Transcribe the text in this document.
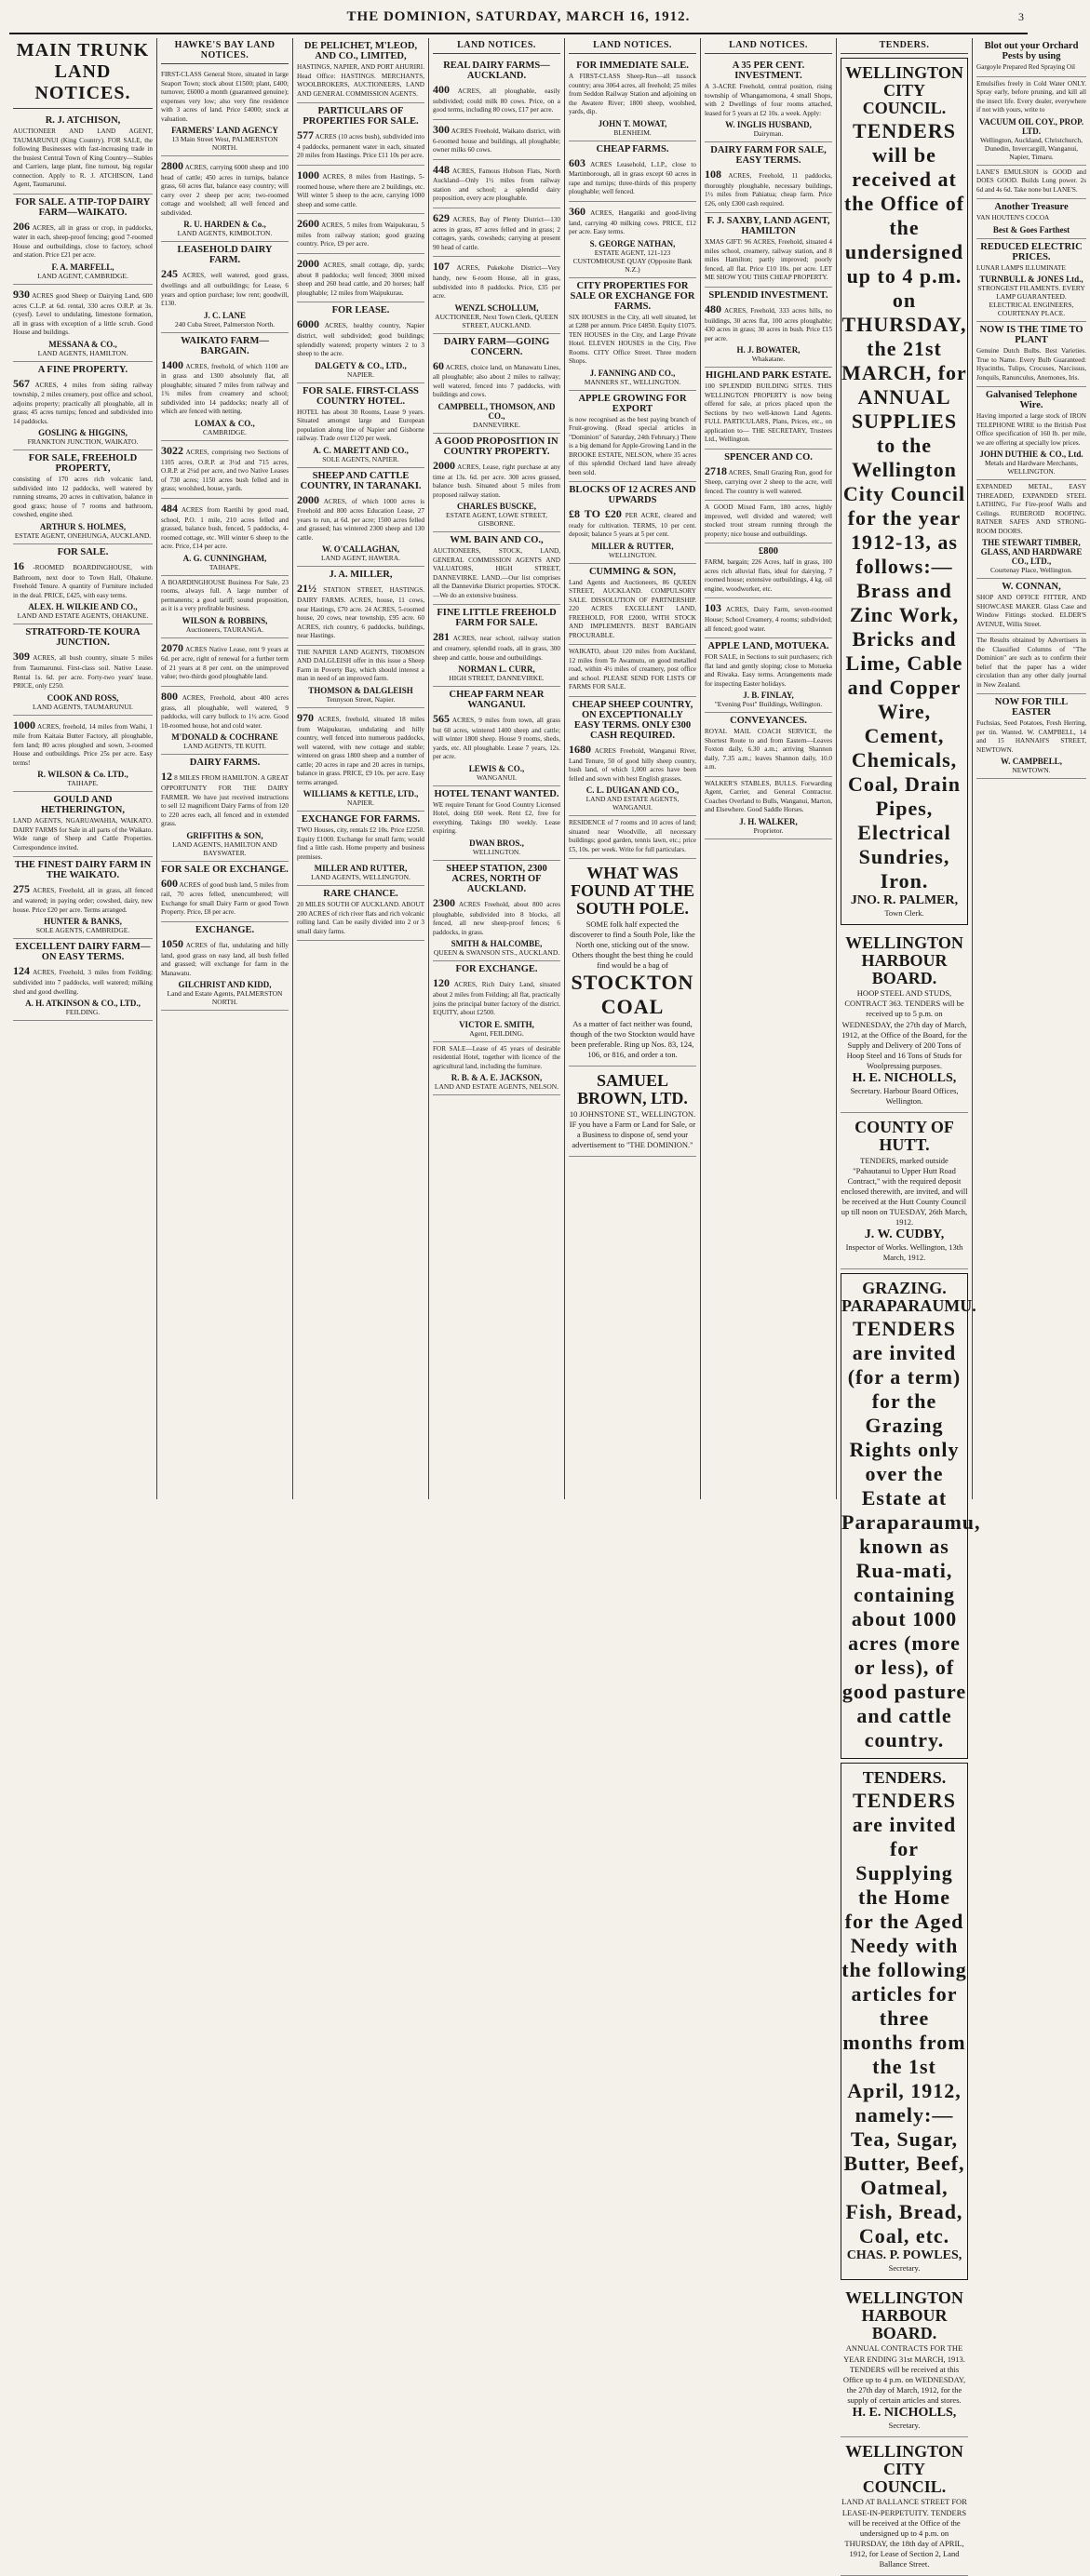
THE DOMINION, SATURDAY, MARCH 16, 1912.	3
MAIN TRUNK LAND NOTICES.
R. J. ATCHISON,

AUCTIONEER AND LAND AGENT, TAUMARUNUI (King Country). FOR SALE, the following Businesses with fast-increasing trade in the busiest Central Town of King Country—Stables and Carriers, large plant, fine turnout, big regular connection. Apply to R. J. ATCHISON, Land Agent, Taumarunui.

FOR SALE. A TIP-TOP DAIRY FARM—WAIKATO.

206 ACRES, all in grass or crop, in paddocks, water in each, sheep-proof fencing; good 7-roomed House and outbuildings, close to factory, school and station. Price £21 per acre.

F. A. MARFELL,
LAND AGENT, CAMBRIDGE.

930 ACRES good Sheep or Dairying Land, 600 acres C.L.P. at 6d. rental, 330 acres O.R.P. at 3s. (cyesf). Level to undulating, limestone formation, all in grass with exception of a little scrub. Good House and buildings.

MESSANA & CO.,
LAND AGENTS, HAMILTON.
A FINE PROPERTY.

567 ACRES, 4 miles from siding railway township, 2 miles creamery, post office and school, adjoins property; practically all ploughable, all in grass; 45 acres turnips; fenced and subdivided into 14 paddocks.

GOSLING & HIGGINS,
FRANKTON JUNCTION, WAIKATO.
FOR SALE, FREEHOLD PROPERTY,

consisting of 170 acres rich volcanic land, subdivided into 12 paddocks, well watered by running streams, 20 acres in cultivation, balance in good grass; house of 7 rooms and bathroom, cowshed, engine shed.

ARTHUR S. HOLMES,
ESTATE AGENT, ONEHUNGA, AUCKLAND.
FOR SALE.

16 -ROOMED BOARDINGHOUSE, with Bathroom, next door to Town Hall, Ohakune. Freehold Tenure. A quantity of Furniture included in the deal. PRICE, £425, with easy terms.

ALEX. H. WILKIE AND CO.,
LAND AND ESTATE AGENTS, OHAKUNE.
STRATFORD-TE KOURA JUNCTION.

309 ACRES, all bush country, situate 5 miles from Taumarunui. First-class soil. Native Lease. Rental 1s. 6d. per acre. Forty-two years' lease. PRICE, only £250.

COOK AND ROSS,
LAND AGENTS, TAUMARUNUI.

1000 ACRES, freehold, 14 miles from Waihi, 1 mile from Kaitaia Butter Factory, all ploughable, fern land; 80 acres ploughed and sown, 3-roomed House and outbuildings. Price 25s per acre. Easy terms!

R. WILSON & Co. LTD.,
TAIHAPE.
GOULD AND HETHERINGTON,

LAND AGENTS, NGARUAWAHIA, WAIKATO. DAIRY FARMS for Sale in all parts of the Waikato. Wide range of Sheep and Cattle Properties. Correspondence invited.

THE FINEST DAIRY FARM IN THE WAIKATO.

275 ACRES, Freehold, all in grass, all fenced and watered; in paying order; cowshed, dairy, new house. Price £20 per acre. Terms arranged.

HUNTER & BANKS,
SOLE AGENTS, CAMBRIDGE.
EXCELLENT DAIRY FARM—ON EASY TERMS.

124 ACRES, Freehold, 3 miles from Feilding; subdivided into 7 paddocks, well watered; milking shed and good dwelling.

A. H. ATKINSON & CO., LTD.,
FEILDING.
HAWKE'S BAY LAND NOTICES.

FIRST-CLASS General Store, situated in large Seaport Town; stock about £1500; plant, £400; turnover, £6000 a month (guaranteed genuine); expenses very low; also very fine residence with 3 acres of land. Price £4000; stock at valuation.

FARMERS' LAND AGENCY
13 Main Street West, PALMERSTON NORTH.

2800 ACRES, carrying 6000 sheep and 100 head of cattle; 450 acres in turnips, balance grass, 60 acres flat, balance easy country; will carry over 2 sheep per acre; two-roomed cottage and woolshed; all well fenced and subdivided.

R. U. HARDEN & Co.,
LAND AGENTS, KIMBOLTON.
LEASEHOLD DAIRY FARM.

245 ACRES, well watered, good grass, dwellings and all outbuildings; for Lease, 6 years and option purchase; low rent; goodwill, £130.

J. C. LANE
240 Cuba Street, Palmerston North.
WAIKATO FARM—BARGAIN.

1400 ACRES, freehold, of which 1100 are in grass and 1300 absolutely flat, all ploughable; situated 7 miles from railway and 1¾ miles from creamery and school; subdivided into 14 paddocks; nearly all of which are fenced with netting.

LOMAX & CO.,
CAMBRIDGE.

3022 ACRES, comprising two Sections of 1105 acres, O.R.P. at 3½d and 715 acres, O.R.P. at 2¼d per acre, and two Native Leases of 730 acres; 1150 acres bush felled and in grass; woolshed, house, yards.

484 ACRES from Raetihi by good road, school, P.O. 1 mile, 210 acres felled and grassed, balance bush, fenced, 5 paddocks, 4-roomed cottage, etc. Will winter 6 sheep to the acre. Price, £14 per acre.

A. G. CUNNINGHAM,
TAIHAPE.

A BOARDINGHOUSE Business For Sale, 23 rooms, always full. A large number of permanents; a good tariff; sound proposition, as it is a very profitable business.

WILSON & ROBBINS,
Auctioneers, TAURANGA.

2070 ACRES Native Lease, rent 9 years at 6d. per acre, right of renewal for a further term of 21 years at 8 per cent. on the unimproved value; two-thirds good ploughable land.

800 ACRES, Freehold, about 400 acres grass, all ploughable, well watered, 9 paddocks, will carry bullock to 1½ acre. Good 10-roomed house, hot and cold water.

M'DONALD & COCHRANE
LAND AGENTS, TE KUITI.
DAIRY FARMS.

12 8 MILES FROM HAMILTON. A GREAT OPPORTUNITY FOR THE DAIRY FARMER. We have just received instructions to sell 12 magnificent Dairy Farms of from 120 to 220 acres each, all fenced and in extended grass.

GRIFFITHS & SON,
LAND AGENTS, HAMILTON AND BAYSWATER.
FOR SALE OR EXCHANGE.

600 ACRES of good bush land, 5 miles from rail, 70 acres felled, unencumbered; will Exchange for small Dairy Farm or good Town Property. Price, £8 per acre.

EXCHANGE.

1050 ACRES of flat, undulating and hilly land, good grass on easy land, all bush felled and grassed; will exchange for farm in the Manawatu.

GILCHRIST AND KIDD,
Land and Estate Agents, PALMERSTON NORTH.
DE PELICHET, M'LEOD, AND CO., LIMITED,

HASTINGS, NAPIER, AND PORT AHURIRI. Head Office: HASTINGS. MERCHANTS, WOOLBROKERS, AUCTIONEERS, LAND AND GENERAL COMMISSION AGENTS.

PARTICULARS OF PROPERTIES FOR SALE.

577 ACRES (10 acres bush), subdivided into 4 paddocks, permanent water in each, situated 20 miles from Hastings. Price £11 10s per acre.

1000 ACRES, 8 miles from Hastings, 5-roomed house, where there are 2 buildings, etc. Will winter 5 sheep to the acre, carrying 1000 sheep and some cattle.

2600 ACRES, 5 miles from Waipukurau, 5 miles from railway station; good grazing country. Price, £9 per acre.

2000 ACRES, small cottage, dip, yards; about 8 paddocks; well fenced; 3000 mixed sheep and 260 head cattle, and 20 horses; half ploughable; 12 miles from Waipukurau.

FOR LEASE.

6000 ACRES, healthy country, Napier district, well subdivided; good buildings; splendidly watered; property winters 2 to 3 sheep to the acre.

DALGETY & CO., LTD.,
NAPIER.
FOR SALE. FIRST-CLASS COUNTRY HOTEL.

HOTEL has about 30 Rooms, Lease 9 years. Situated amongst large and European population along line of Napier and Gisborne railway. Trade over £120 per week.

A. C. MARETT AND CO.,
SOLE AGENTS, NAPIER.
SHEEP AND CATTLE COUNTRY, IN TARANAKI.

2000 ACRES, of which 1000 acres is Freehold and 800 acres Education Lease, 27 years to run, at 6d. per acre; 1500 acres felled and grassed; has wintered 2300 sheep and 130 cattle.

W. O'CALLAGHAN,
LAND AGENT, HAWERA.
J. A. MILLER,

21½ STATION STREET, HASTINGS. DAIRY FARMS. ACRES, house, 11 cows, near Hastings, £70 acre. 24 ACRES, 5-roomed house, 20 cows, near township, £95 acre. 60 ACRES, rich country, 6 paddocks, buildings, near Hastings.

THE NAPIER LAND AGENTS, THOMSON AND DALGLEISH offer in this issue a Sheep Farm in Poverty Bay, which should interest a man in need of an improved farm.

THOMSON & DALGLEISH
Tennyson Street, Napier.

970 ACRES, freehold, situated 18 miles from Waipukurau, undulating and hilly country, well fenced into numerous paddocks, well watered, with new cottage and stable; wintered on grass 1800 sheep and a number of cattle; 20 acres in rape and 20 acres in turnips, balance in grass. PRICE, £9 10s. per acre. Easy terms arranged.

WILLIAMS & KETTLE, LTD.,
NAPIER.
EXCHANGE FOR FARMS.

TWO Houses, city, rentals £2 10s. Price £2250. Equity £1000. Exchange for small farm; would find a little cash. Home property and business premises.

MILLER AND RUTTER,
LAND AGENTS, WELLINGTON.
RARE CHANCE.

20 MILES SOUTH OF AUCKLAND. ABOUT 200 ACRES of rich river flats and rich volcanic rolling land. Can be easily divided into 2 or 3 small dairy farms.

LAND NOTICES.
REAL DAIRY FARMS—AUCKLAND.

400 ACRES, all ploughable, easily subdivided; could milk 80 cows. Price, on a good terms, including 80 cows, £17 per acre.

300 ACRES Freehold, Waikato district, with 6-roomed house and buildings, all ploughable; owner milks 60 cows.

448 ACRES, Famous Hobson Flats, North Auckland—Only 1½ miles from railway station and school; a splendid dairy proposition, every acre ploughable.

629 ACRES, Bay of Plenty District—130 acres in grass, 87 acres felled and in grass; 2 cottages, yards, cowsheds; carrying at present 90 head of cattle.

107 ACRES, Pukekohe District—Very handy, new 6-room House, all in grass, subdivided into 8 paddocks. Price, £35 per acre.

WENZL SCHOLLUM,
AUCTIONEER, Next Town Clerk, QUEEN STREET, AUCKLAND.
DAIRY FARM—GOING CONCERN.

60 ACRES, choice land, on Manawatu Lines, all ploughable; also about 2 miles to railway; well watered, fenced into 7 paddocks, with buildings and cows.

CAMPBELL, THOMSON, AND CO.,
DANNEVIRKE.
A GOOD PROPOSITION IN COUNTRY PROPERTY.

2000 ACRES, Lease, right purchase at any time at 13s. 6d. per acre. 300 acres grassed, balance bush. Situated about 5 miles from proposed railway station.

CHARLES BUSCKE,
ESTATE AGENT, LOWE STREET, GISBORNE.
WM. BAIN AND CO.,

AUCTIONEERS, STOCK, LAND, GENERAL COMMISSION AGENTS AND VALUATORS, HIGH STREET, DANNEVIRKE. LAND.—Our list comprises all the Dannevirke District properties. STOCK.—We do an extensive business.

FINE LITTLE FREEHOLD FARM FOR SALE.

281 ACRES, near school, railway station and creamery, splendid roads, all in grass, 300 sheep and cattle, house and outbuildings.

NORMAN L. CURR,
HIGH STREET, DANNEVIRKE.
CHEAP FARM NEAR WANGANUI.

565 ACRES, 9 miles from town, all grass but 60 acres, wintered 1400 sheep and cattle; will winter 1800 sheep. House 9 rooms, sheds, yards, etc. All ploughable. Lease 7 years, 12s. per acre.

LEWIS & CO.,
WANGANUI.
HOTEL TENANT WANTED.

WE require Tenant for Good Country Licensed Hotel, doing £60 week. Rent £2, free for everything. Takings £80 weekly. Lease expiring.

DWAN BROS.,
WELLINGTON.
SHEEP STATION, 2300 ACRES, NORTH OF AUCKLAND.

2300 ACRES Freehold, about 800 acres ploughable, subdivided into 8 blocks, all fenced, all new sheep-proof fences; 6 paddocks, in grass.

SMITH & HALCOMBE,
QUEEN & SWANSON STS., AUCKLAND.
FOR EXCHANGE.

120 ACRES, Rich Dairy Land, situated about 2 miles from Feilding; all flat, practically joins the principal butter factory of the district. EQUITY, about £2500.

VICTOR E. SMITH,
Agent, FEILDING.

FOR SALE—Lease of 45 years of desirable residential Hotel, together with licence of the agricultural land, including the furniture.

R. B. & A. E. JACKSON,
LAND AND ESTATE AGENTS, NELSON.
LAND NOTICES.
FOR IMMEDIATE SALE.

A FIRST-CLASS Sheep-Run—all tussock country; area 3064 acres, all freehold; 25 miles from Seddon Railway Station and adjoining on the Awatere River; 1800 sheep, woolshed, yards, dip.

JOHN T. MOWAT,
BLENHEIM.
CHEAP FARMS.

603 ACRES Leasehold, L.I.P., close to Martinborough, all in grass except 60 acres in rape and turnips; three-thirds of this property ploughable; well fenced.

360 ACRES, Hangatiki and good-living land, carrying 40 milking cows. PRICE, £12 per acre. Easy terms.

S. GEORGE NATHAN,
ESTATE AGENT, 121-123 CUSTOMHOUSE QUAY (Opposite Bank N.Z.)
CITY PROPERTIES FOR SALE OR EXCHANGE FOR FARMS.

SIX HOUSES in the City, all well situated, let at £288 per annum. Price £4850. Equity £1075. TEN HOUSES in the City, and Large Private Hotel. ELEVEN HOUSES in the City, Five Rooms. CITY Office Street. Three modern Shops.

J. FANNING AND CO.,
MANNERS ST., WELLINGTON.
APPLE GROWING FOR EXPORT

is now recognised as the best paying branch of Fruit-growing. (Read special articles in "Dominion" of Saturday, 24th February.) There is a big demand for Apple-Growing Land in the BROOKE ESTATE, NELSON, where 35 acres of this splendid Orchard land have already been sold.

BLOCKS OF 12 ACRES AND UPWARDS

£8 TO £20 PER ACRE, cleared and ready for cultivation. TERMS, 10 per cent. deposit; balance 5 years at 5 per cent.

MILLER & RUTTER,
WELLINGTON.
CUMMING & SON,

Land Agents and Auctioneers, 86 QUEEN STREET, AUCKLAND. COMPULSORY SALE. DISSOLUTION OF PARTNERSHIP. 220 ACRES EXCELLENT LAND, FREEHOLD, FOR £2000, WITH STOCK AND IMPLEMENTS. BEST BARGAIN PROCURABLE.

WAIKATO, about 120 miles from Auckland, 12 miles from Te Awamutu, on good metalled road, within 4½ miles of creamery, post office and school. PLEASE SEND FOR LISTS OF FARMS FOR SALE.

CHEAP SHEEP COUNTRY, ON EXCEPTIONALLY EASY TERMS. ONLY £300 CASH REQUIRED.

1680 ACRES Freehold, Wanganui River, Land Tenure, 50 of good hilly sheep country, bush land, of which 1,000 acres have been felled and sown with best English grasses.

C. L. DUIGAN AND CO.,
LAND AND ESTATE AGENTS, WANGANUI.

RESIDENCE of 7 rooms and 10 acres of land; situated near Woodville, all necessary buildings; good garden, tennis lawn, etc.; price £5, 10s. per week. Write for full particulars.

WHAT WAS FOUND AT THE SOUTH POLE.

SOME folk half expected the discoverer to find a South Pole, like the North one, sticking out of the snow. Others thought the best thing he could find would be a bag of

STOCKTON COAL

As a matter of fact neither was found, though of the two Stockton would have been preferable. Ring up Nos. 83, 124, 106, or 816, and order a ton.

SAMUEL BROWN, LTD.

10 JOHNSTONE ST., WELLINGTON. IF you have a Farm or Land for Sale, or a Business to dispose of, send your advertisement to "THE DOMINION."

LAND NOTICES.
A 35 PER CENT. INVESTMENT.

A 3-ACRE Freehold, central position, rising township of Whangamomona, 4 small Shops, with 2 Dwellings of four rooms attached, leased for 5 years at £2 10s. a week. Apply:

W. INGLIS HUSBAND,
Dairyman.
DAIRY FARM FOR SALE, EASY TERMS.

108 ACRES, Freehold, 11 paddocks, thoroughly ploughable, necessary buildings, 1½ miles from Pahiatua; cheap farm. Price £26, only £300 cash required.

F. J. SAXBY, LAND AGENT, HAMILTON

XMAS GIFT: 96 ACRES, Freehold, situated 4 miles school, creamery, railway station, and 8 miles Hamilton; partly improved; poorly fenced, all flat. Price £10 10s. per acre. LET ME SHOW YOU THIS CHEAP PROPERTY.

SPLENDID INVESTMENT.

480 ACRES, Freehold, 333 acres hills, no buildings, 30 acres flat, 100 acres ploughable; 430 acres in grass; 30 acres in bush. Price £15 per acre.

H. J. BOWATER,
Whakatane.
HIGHLAND PARK ESTATE.

100 SPLENDID BUILDING SITES. THIS WELLINGTON PROPERTY is now being offered for sale, at prices placed upon the Sections by two well-known Land Agents. FULL PARTICULARS, Plans, Prices, etc., on application to— THE SECRETARY, Trustees Ltd., Wellington.

SPENCER AND CO.

2718 ACRES, Small Grazing Run, good for Sheep, carrying over 2 sheep to the acre, well fenced. The country is well watered.

A GOOD Mixed Farm, 180 acres, highly improved, well divided and watered; well stocked trout stream running through the property; nice house and outbuildings.

£800

FARM, bargain; 226 Acres, half in grass, 100 acres rich alluvial flats, ideal for dairying, 7 roomed house; extensive outbuildings, 4 kg. oil engine, woodworker, etc.

103 ACRES, Dairy Farm, seven-roomed House; School Creamery, 4 rooms; subdivided; all fenced; good water.

APPLE LAND, MOTUEKA.

FOR SALE, in Sections to suit purchasers; rich flat land and gently sloping; close to Motueka and Riwaka. Easy terms. Arrangements made for inspecting Easter holidays.

J. B. FINLAY,
"Evening Post" Buildings, Wellington.
CONVEYANCES.

ROYAL MAIL COACH SERVICE, the Shortest Route to and from Eastern—Leaves Foxton daily, 6.30 a.m.; arriving Shannon daily, 7.35 a.m.; leaves Shannon daily, 10.0 a.m.

WALKER'S STABLES, BULLS. Forwarding Agent, Carrier, and General Contractor. Coaches Overland to Bulls, Wanganui, Marton, and Elsewhere. Good Saddle Horses.

J. H. WALKER,
Proprietor.
TENDERS.
WELLINGTON CITY COUNCIL.
TENDERS will be received at the Office of the undersigned up to 4 p.m. on THURSDAY, the 21st MARCH, for ANNUAL SUPPLIES to the Wellington City Council for the year 1912-13, as follows:—Brass and Zinc Work, Bricks and Lime, Cable and Copper Wire, Cement, Chemicals, Coal, Drain Pipes, Electrical Sundries, Iron.
JNO. R. PALMER,

Town Clerk.

WELLINGTON HARBOUR BOARD.

HOOP STEEL AND STUDS, CONTRACT 363. TENDERS will be received up to 5 p.m. on WEDNESDAY, the 27th day of March, 1912, at the Office of the Board, for the Supply and Delivery of 200 Tons of Hoop Steel and 16 Tons of Studs for Woolpressing purposes.

H. E. NICHOLLS,

Secretary. Harbour Board Offices, Wellington.

COUNTY OF HUTT.

TENDERS, marked outside "Pahautanui to Upper Hutt Road Contract," with the required deposit enclosed therewith, are invited, and will be received at the Hutt County Council up till noon on TUESDAY, 26th March, 1912.

J. W. CUDBY,

Inspector of Works. Wellington, 13th March, 1912.

GRAZING. PARAPARAUMU.
TENDERS are invited (for a term) for the Grazing Rights only over the Estate at Paraparaumu, known as Rua-mati, containing about 1000 acres (more or less), of good pasture and cattle country.
TENDERS.
TENDERS are invited for Supplying the Home for the Aged Needy with the following articles for three months from the 1st April, 1912, namely:—Tea, Sugar, Butter, Beef, Oatmeal, Fish, Bread, Coal, etc.
CHAS. P. POWLES,

Secretary.

WELLINGTON HARBOUR BOARD.

ANNUAL CONTRACTS FOR THE YEAR ENDING 31st MARCH, 1913. TENDERS will be received at this Office up to 4 p.m. on WEDNESDAY, the 27th day of March, 1912, for the supply of certain articles and stores.

H. E. NICHOLLS,

Secretary.

WELLINGTON CITY COUNCIL.

LAND AT BALLANCE STREET FOR LEASE-IN-PERPETUITY. TENDERS will be received at the Office of the undersigned up to 4 p.m. on THURSDAY, the 18th day of APRIL, 1912, for Lease of Section 2, Land Ballance Street.

Blot out your Orchard Pests by using

Gargoyle Prepared Red Spraying Oil

Emulsifies freely in Cold Water ONLY. Spray early, before pruning, and kill all the insect life. Every dealer, everywhere if not with yours, write to

VACUUM OIL COY., PROP. LTD.
Wellington, Auckland, Christchurch, Dunedin, Invercargill, Wanganui, Napier, Timaru.

LANE'S EMULSION is GOOD and DOES GOOD. Builds Lung power. 2s 6d and 4s 6d. Take none but LANE'S.

Another Treasure

VAN HOUTEN'S COCOA

Best & Goes Farthest
REDUCED ELECTRIC PRICES.

LUNAR LAMPS ILLUMINATE

TURNBULL & JONES Ltd.,
STRONGEST FILAMENTS. EVERY LAMP GUARANTEED. ELECTRICAL ENGINEERS, COURTENAY PLACE.
NOW IS THE TIME TO PLANT

Genuine Dutch Bulbs. Best Varieties. True to Name. Every Bulb Guaranteed: Hyacinths, Tulips, Crocuses, Narcissus, Jonquils, Ranunculus, Anemones, Iris.

Galvanised Telephone Wire.

Having imported a large stock of IRON TELEPHONE WIRE to the British Post Office specification of 160 lb. per mile, we are offering at specially low prices.

JOHN DUTHIE & CO., Ltd.
Metals and Hardware Merchants, WELLINGTON.

EXPANDED METAL, EASY THREADED, EXPANDED STEEL LATHING, For Fire-proof Walls and Ceilings. RUBEROID ROOFING. RATNER SAFES AND STRONG-ROOM DOORS.

THE STEWART TIMBER, GLASS, AND HARDWARE CO., LTD.,
Courtenay Place, Wellington.
W. CONNAN,

SHOP AND OFFICE FITTER, AND SHOWCASE MAKER. Glass Case and Window Fittings stocked. ELDER'S AVENUE, Willis Street.

The Results obtained by Advertisers in the Classified Columns of "The Dominion" are such as to confirm their belief that the paper has a wider circulation than any other daily journal in New Zealand.

NOW FOR TILL EASTER

Fuchsias, Seed Potatoes, Fresh Herring, per tin. Wanted. W. CAMPBELL, 14 and 15 HANNAH'S STREET, NEWTOWN.

W. CAMPBELL,
NEWTOWN.
